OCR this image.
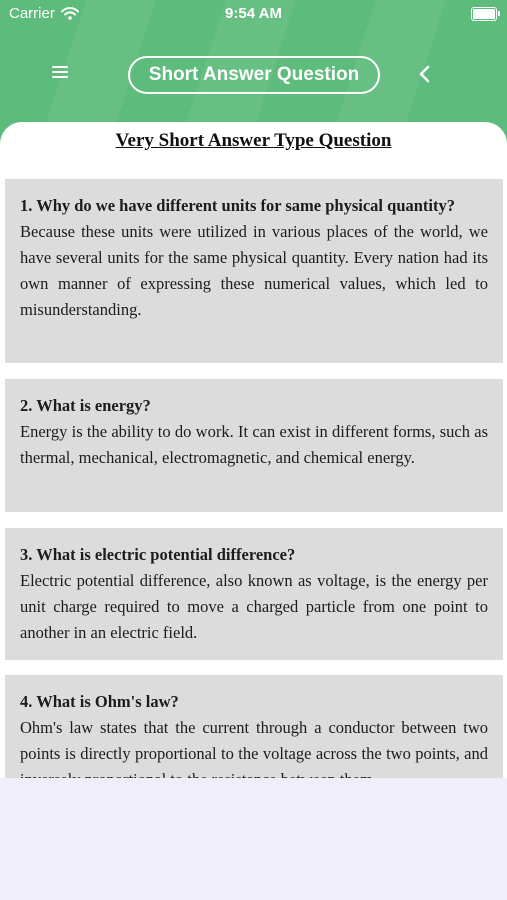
Carrier	9:54 AM
Short Answer Question
Very Short Answer Type Question
1. Why do we have different units for same physical quantity?
Because these units were utilized in various places of the world, we have several units for the same physical quantity. Every nation had its own manner of expressing these numerical values, which led to misunderstanding.
2. What is energy?
Energy is the ability to do work. It can exist in different forms, such as thermal, mechanical, electromagnetic, and chemical energy.
3. What is electric potential difference?
Electric potential difference, also known as voltage, is the energy per unit charge required to move a charged particle from one point to another in an electric field.
4. What is Ohm's law?
Ohm's law states that the current through a conductor between two points is directly proportional to the voltage across the two points, and
